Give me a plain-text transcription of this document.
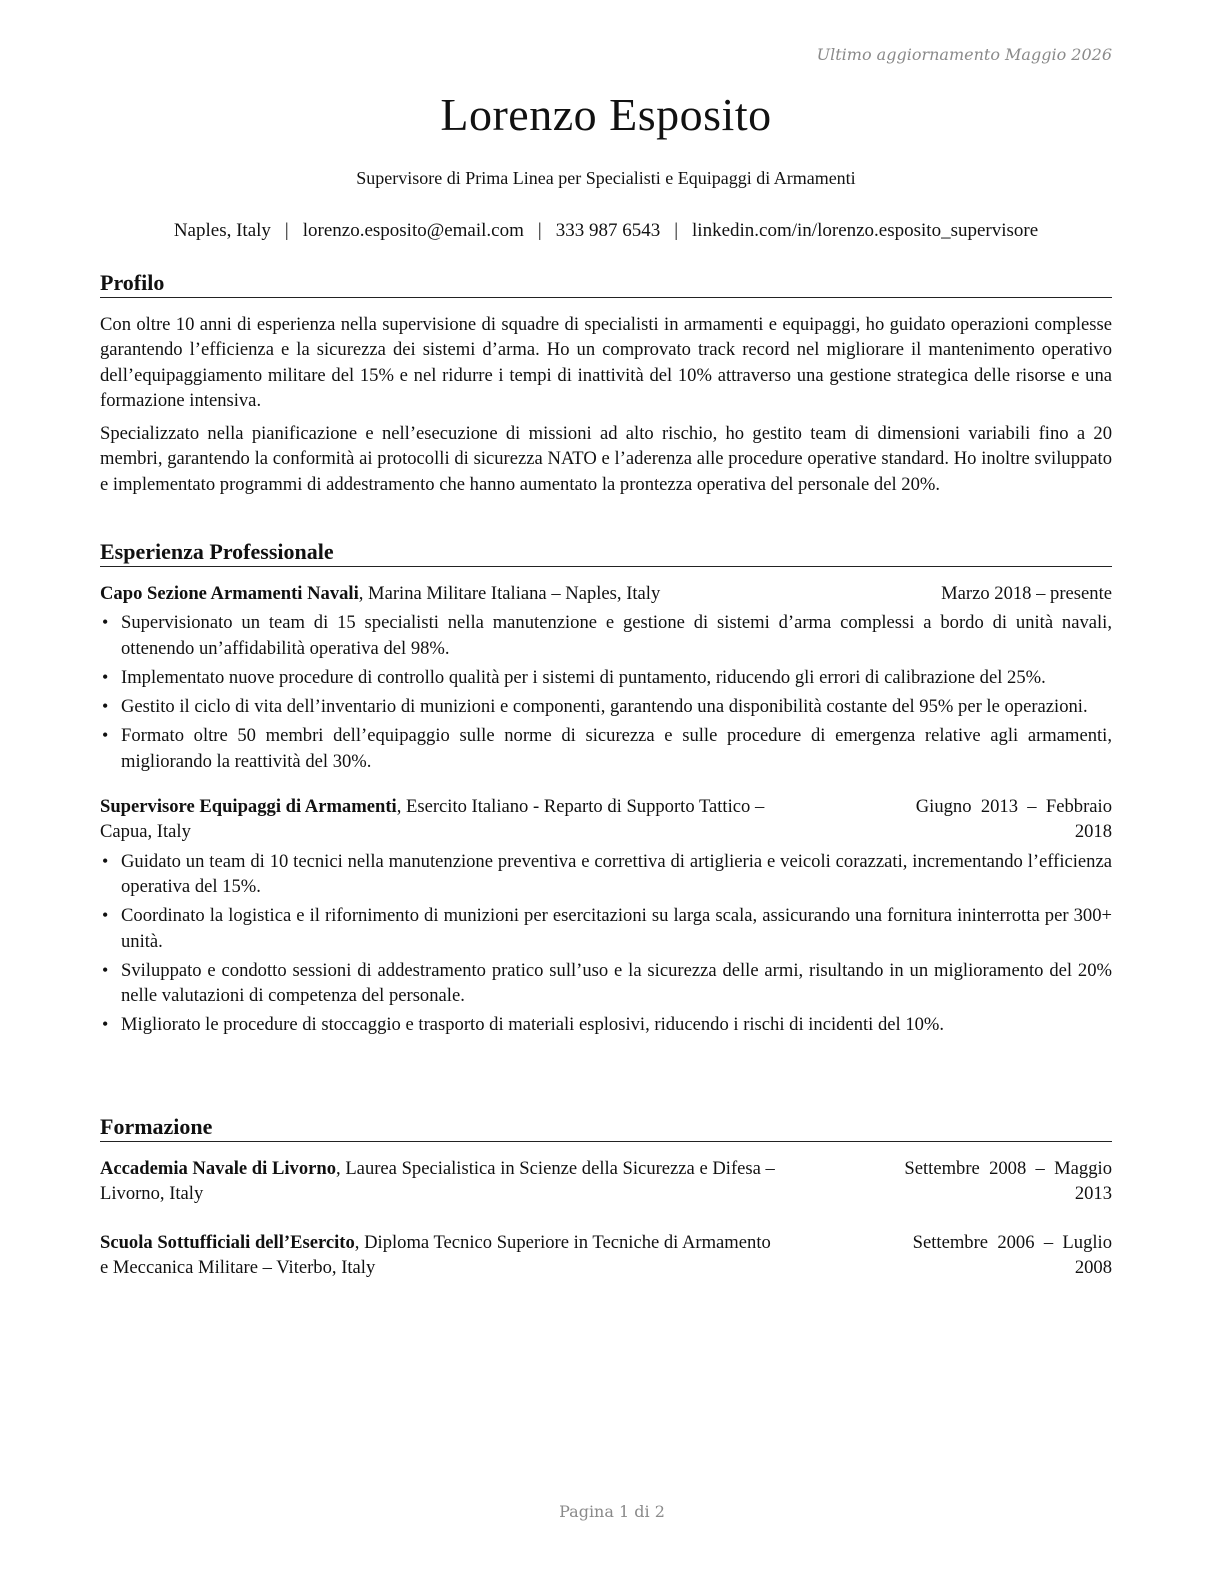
Ultimo aggiornamento Maggio 2026
Lorenzo Esposito
Supervisore di Prima Linea per Specialisti e Equipaggi di Armamenti
Naples, Italy | lorenzo.esposito@email.com | 333 987 6543 | linkedin.com/in/lorenzo.esposito_supervisore
Profilo

Con oltre 10 anni di esperienza nella supervisione di squadre di specialisti in armamenti e equipaggi, ho guidato operazioni complesse garantendo l’efficienza e la sicurezza dei sistemi d’arma. Ho un comprovato track record nel migliorare il mantenimento operativo dell’equipaggiamento militare del 15% e nel ridurre i tempi di inattività del 10% attraverso una gestione strategica delle risorse e una formazione intensiva.

Specializzato nella pianificazione e nell’esecuzione di missioni ad alto rischio, ho gestito team di dimensioni variabili fino a 20 membri, garantendo la conformità ai protocolli di sicurezza NATO e l’aderenza alle procedure operative standard. Ho inoltre sviluppato e implementato programmi di addestramento che hanno aumentato la prontezza operativa del personale del 20%.

Esperienza Professionale
Capo Sezione Armamenti Navali, Marina Militare Italiana – Naples, Italy	Marzo 2018 – presente
• Supervisionato un team di 15 specialisti nella manutenzione e gestione di sistemi d’arma complessi a bordo di unità navali, ottenendo un’affidabilità operativa del 98%.
• Implementato nuove procedure di controllo qualità per i sistemi di puntamento, riducendo gli errori di calibrazione del 25%.
• Gestito il ciclo di vita dell’inventario di munizioni e componenti, garantendo una disponibilità costante del 95% per le operazioni.
• Formato oltre 50 membri dell’equipaggio sulle norme di sicurezza e sulle procedure di emergenza relative agli armamenti, migliorando la reattività del 30%.
Supervisore Equipaggi di Armamenti, Esercito Italiano - Reparto di Supporto Tattico –	Giugno  2013  –  Febbraio
Capua, Italy	2018
• Guidato un team di 10 tecnici nella manutenzione preventiva e correttiva di artiglieria e veicoli corazzati, incrementando l’efficienza operativa del 15%.
• Coordinato la logistica e il rifornimento di munizioni per esercitazioni su larga scala, assicurando una fornitura ininterrotta per 300+ unità.
• Sviluppato e condotto sessioni di addestramento pratico sull’uso e la sicurezza delle armi, risultando in un miglioramento del 20% nelle valutazioni di competenza del personale.
• Migliorato le procedure di stoccaggio e trasporto di materiali esplosivi, riducendo i rischi di incidenti del 10%.
Formazione
Accademia Navale di Livorno, Laurea Specialistica in Scienze della Sicurezza e Difesa –	Settembre  2008  –  Maggio
Livorno, Italy	2013
Scuola Sottufficiali dell’Esercito, Diploma Tecnico Superiore in Tecniche di Armamento	Settembre  2006  –  Luglio
e Meccanica Militare – Viterbo, Italy	2008
Pagina 1 di 2
